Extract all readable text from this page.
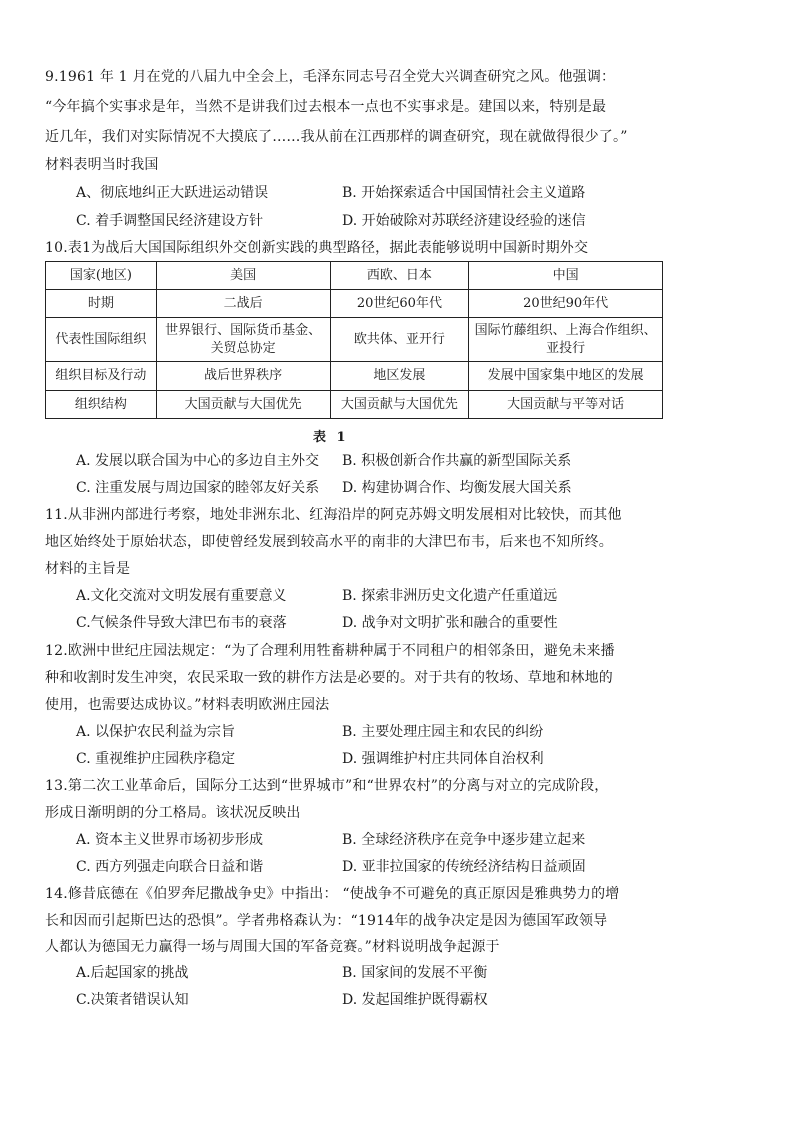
9.1961 年 1 月在党的八届九中全会上，毛泽东同志号召全党大兴调查研究之风。他强调：
“今年搞个实事求是年，当然不是讲我们过去根本一点也不实事求是。建国以来，特别是最
近几年，我们对实际情况不大摸底了……我从前在江西那样的调查研究，现在就做得很少了。”
材料表明当时我国
A、彻底地纠正大跃进运动错误	B. 开始探索适合中国国情社会主义道路
C. 着手调整国民经济建设方针	D. 开始破除对苏联经济建设经验的迷信
10.表1为战后大国国际组织外交创新实践的典型路径，据此表能够说明中国新时期外交
国家(地区)	美国	西欧、日本	中国
时期	二战后	20世纪60年代	20世纪90年代
代表性国际组织	世界银行、国际货币基金、关贸总协定	欧共体、亚开行	国际竹藤组织、上海合作组织、亚投行
组织目标及行动	战后世界秩序	地区发展	发展中国家集中地区的发展
组织结构	大国贡献与大国优先	大国贡献与大国优先	大国贡献与平等对话
表 1
A. 发展以联合国为中心的多边自主外交 B. 积极创新合作共赢的新型国际关系
C. 注重发展与周边国家的睦邻友好关系 D. 构建协调合作、均衡发展大国关系
11.从非洲内部进行考察，地处非洲东北、红海沿岸的阿克苏姆文明发展相对比较快，而其他
地区始终处于原始状态，即使曾经发展到较高水平的南非的大津巴布韦，后来也不知所终。
材料的主旨是
A.文化交流对文明发展有重要意义	B. 探索非洲历史文化遗产任重道远
C.气候条件导致大津巴布韦的衰落	D. 战争对文明扩张和融合的重要性
12.欧洲中世纪庄园法规定：“为了合理利用牲畜耕种属于不同租户的相邻条田，避免未来播
种和收割时发生冲突，农民采取一致的耕作方法是必要的。对于共有的牧场、草地和林地的
使用，也需要达成协议。”材料表明欧洲庄园法
A. 以保护农民利益为宗旨	B. 主要处理庄园主和农民的纠纷
C. 重视维护庄园秩序稳定	D. 强调维护村庄共同体自治权利
13.第二次工业革命后，国际分工达到“世界城市”和“世界农村”的分离与对立的完成阶段，
形成日渐明朗的分工格局。该状况反映出
A. 资本主义世界市场初步形成	B. 全球经济秩序在竞争中逐步建立起来
C. 西方列强走向联合日益和谐	D. 亚非拉国家的传统经济结构日益顽固
14.修昔底德在《伯罗奔尼撒战争史》中指出： “使战争不可避免的真正原因是雅典势力的增
长和因而引起斯巴达的恐惧”。学者弗格森认为：“1914年的战争决定是因为德国军政领导
人都认为德国无力赢得一场与周围大国的军备竞赛。”材料说明战争起源于
A.后起国家的挑战	B. 国家间的发展不平衡
C.决策者错误认知	D. 发起国维护既得霸权
